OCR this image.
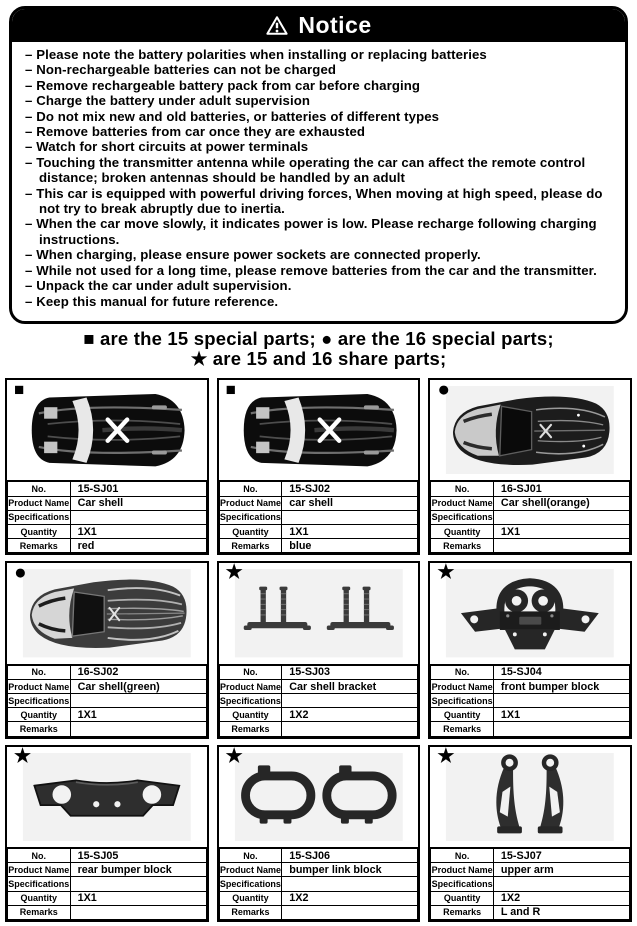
Notice
– Please note the battery polarities when installing or replacing batteries
– Non-rechargeable batteries can not be charged
– Remove rechargeable battery pack from car before charging
– Charge the battery under adult supervision
– Do not mix new and old batteries, or batteries of different types
– Remove batteries from car once they are exhausted
– Watch for short circuits at power terminals
– Touching the transmitter antenna while operating the car can affect the remote control distance; broken antennas should be handled by an adult
– This car is equipped with powerful driving forces, When moving at high speed, please do not try to break abruptly due to inertia.
– When the car move slowly, it indicates power is low. Please recharge following charging instructions.
– When charging, please ensure power sockets are connected properly.
– While not used for a long time, please remove batteries from the car and the transmitter.
– Unpack the car under adult supervision.
– Keep this manual for future reference.
■ are the 15 special parts; ● are the 16 special parts;
★ are 15 and 16 share parts;
■
No.	15-SJ01
Product Name	Car shell
Specifications	
Quantity	1X1
Remarks	red
■
No.	15-SJ02
Product Name	car shell
Specifications	
Quantity	1X1
Remarks	blue
●
No.	16-SJ01
Product Name	Car shell(orange)
Specifications	
Quantity	1X1
Remarks	
●
No.	16-SJ02
Product Name	Car shell(green)
Specifications	
Quantity	1X1
Remarks	
★
No.	15-SJ03
Product Name	Car shell bracket
Specifications	
Quantity	1X2
Remarks	
★
No.	15-SJ04
Product Name	front bumper block
Specifications	
Quantity	1X1
Remarks	
★
No.	15-SJ05
Product Name	rear bumper block
Specifications	
Quantity	1X1
Remarks	
★
No.	15-SJ06
Product Name	bumper link block
Specifications	
Quantity	1X2
Remarks	
★
No.	15-SJ07
Product Name	upper arm
Specifications	
Quantity	1X2
Remarks	L and R
